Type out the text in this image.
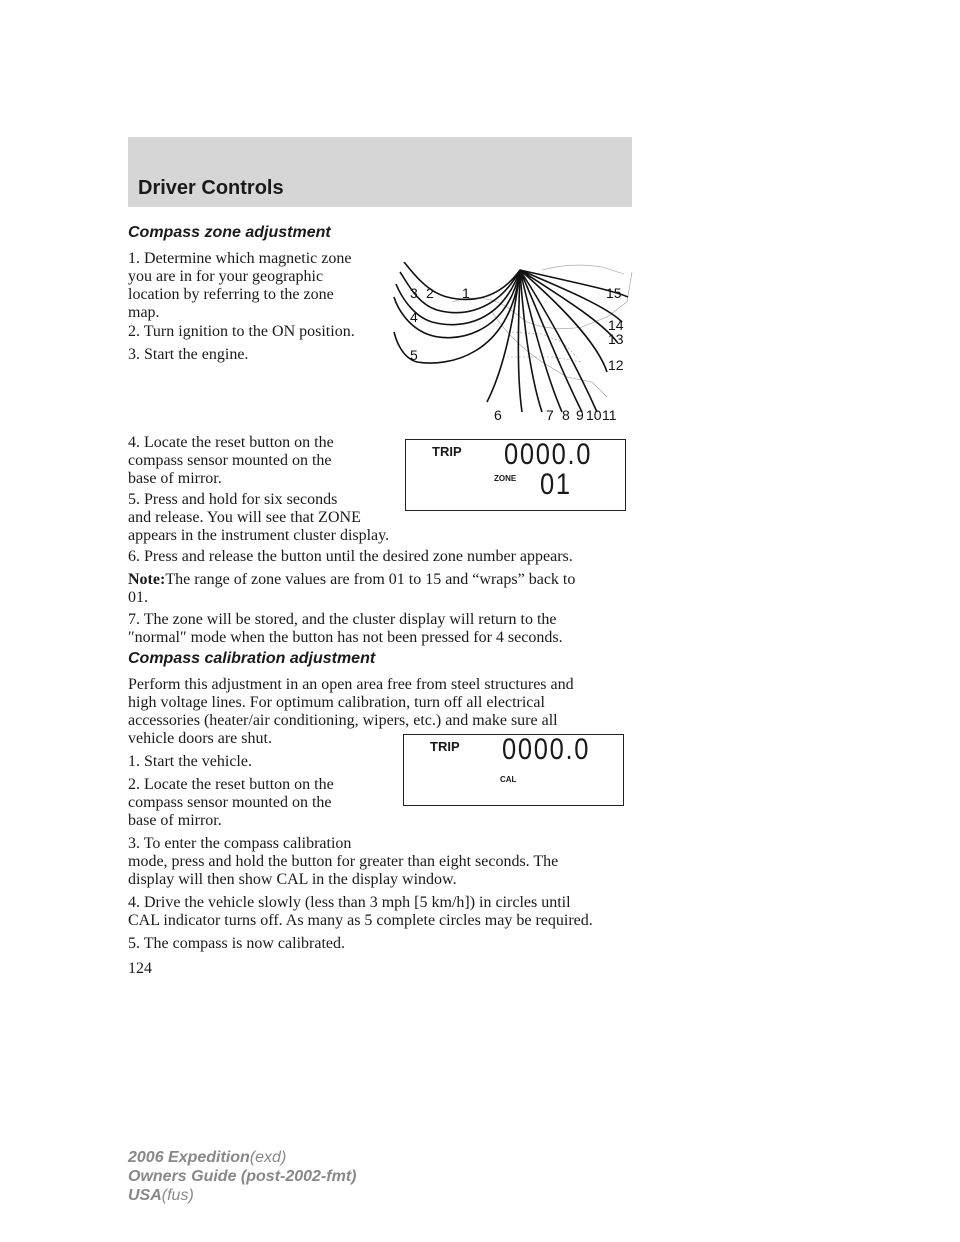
Driver Controls
Compass zone adjustment

1. Determine which magnetic zone

you are in for your geographic

location by referring to the zone

map.

2. Turn ignition to the ON position.

3. Start the engine.

4. Locate the reset button on the

compass sensor mounted on the

base of mirror.

5. Press and hold for six seconds

and release. You will see that ZONE

appears in the instrument cluster display.

6. Press and release the button until the desired zone number appears.

Note:The range of zone values are from 01 to 15 and “wraps” back to

01.

7. The zone will be stored, and the cluster display will return to the

″normal″ mode when the button has not been pressed for 4 seconds.

1
2
3
4
5
6	7 8 9 10 11
12
13
14
15
TRIP 0000.0
ZONE 01
Compass calibration adjustment

Perform this adjustment in an open area free from steel structures and

high voltage lines. For optimum calibration, turn off all electrical

accessories (heater/air conditioning, wipers, etc.) and make sure all

vehicle doors are shut.

1. Start the vehicle.

2. Locate the reset button on the

compass sensor mounted on the

base of mirror.

3. To enter the compass calibration

mode, press and hold the button for greater than eight seconds. The

display will then show CAL in the display window.

4. Drive the vehicle slowly (less than 3 mph [5 km/h]) in circles until

CAL indicator turns off. As many as 5 complete circles may be required.

5. The compass is now calibrated.

TRIP 0000.0
CAL
124
2006 Expedition(exd)
Owners Guide (post-2002-fmt)
USA(fus)
